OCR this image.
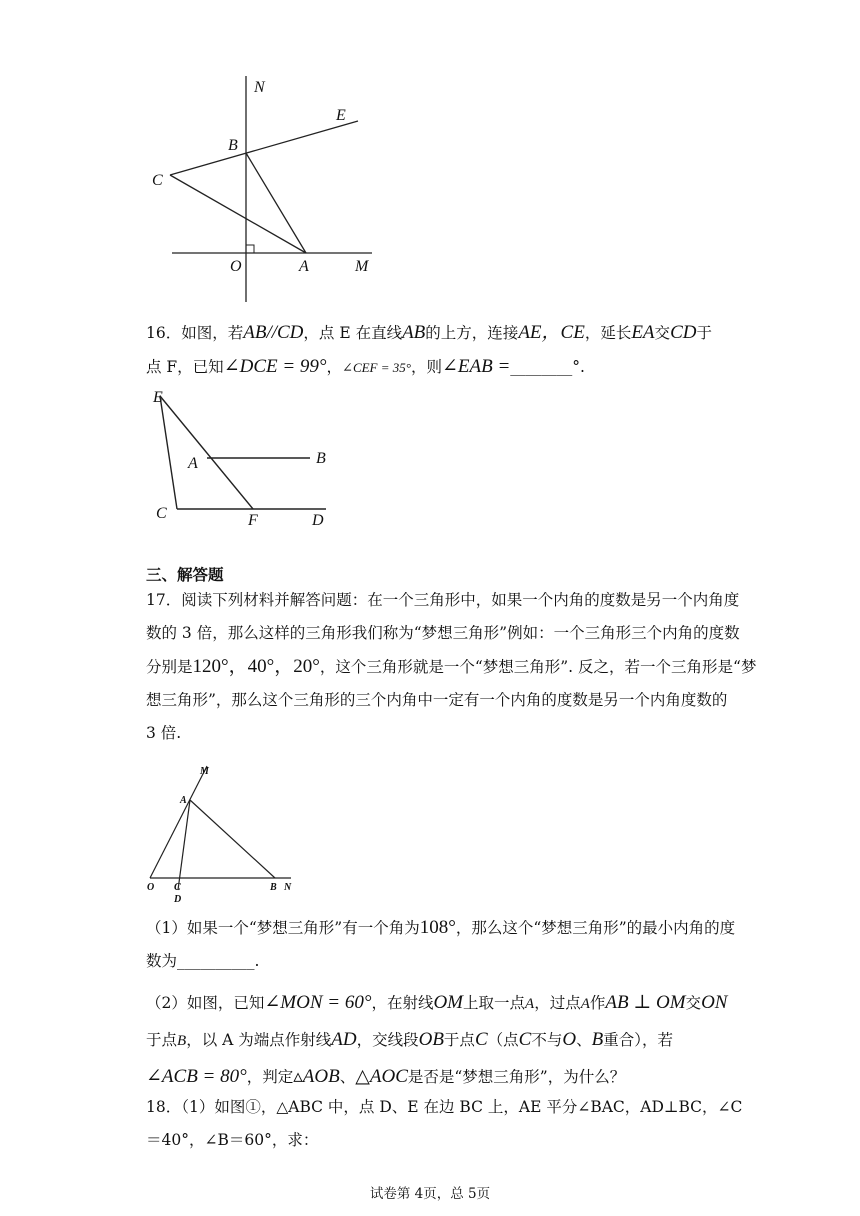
N
E
B
C
O	A	M
16．如图，若AB//CD，点 E 在直线AB的上方，连接AE，CE，延长EA交CD于
点 F，已知∠DCE = 99°，∠CEF = 35°，则∠EAB =________°.
E
A	B
C	F	D
三、解答题
17．阅读下列材料并解答问题：在一个三角形中，如果一个内角的度数是另一个内角度
数的 3 倍，那么这样的三角形我们称为“梦想三角形”例如：一个三角形三个内角的度数
分别是120°，40°，20°，这个三角形就是一个“梦想三角形”. 反之，若一个三角形是“梦
想三角形”，那么这个三角形的三个内角中一定有一个内角的度数是另一个内角度数的
3 倍.
M
A
O C
D
B N
（1）如果一个“梦想三角形”有一个角为108°，那么这个“梦想三角形”的最小内角的度
数为__________.
（2）如图，已知∠MON = 60°，在射线OM上取一点A，过点A作AB ⊥ OM交ON
于点B，以 A 为端点作射线AD，交线段OB于点C（点C不与O、B重合），若
∠ACB = 80°，判定▵AOB、△AOC是否是“梦想三角形”，为什么？
18．（1）如图①，△ABC 中，点 D、E 在边 BC 上，AE 平分∠BAC，AD⊥BC，∠C
＝40°，∠B＝60°，求：
试卷第 4页，总 5页
